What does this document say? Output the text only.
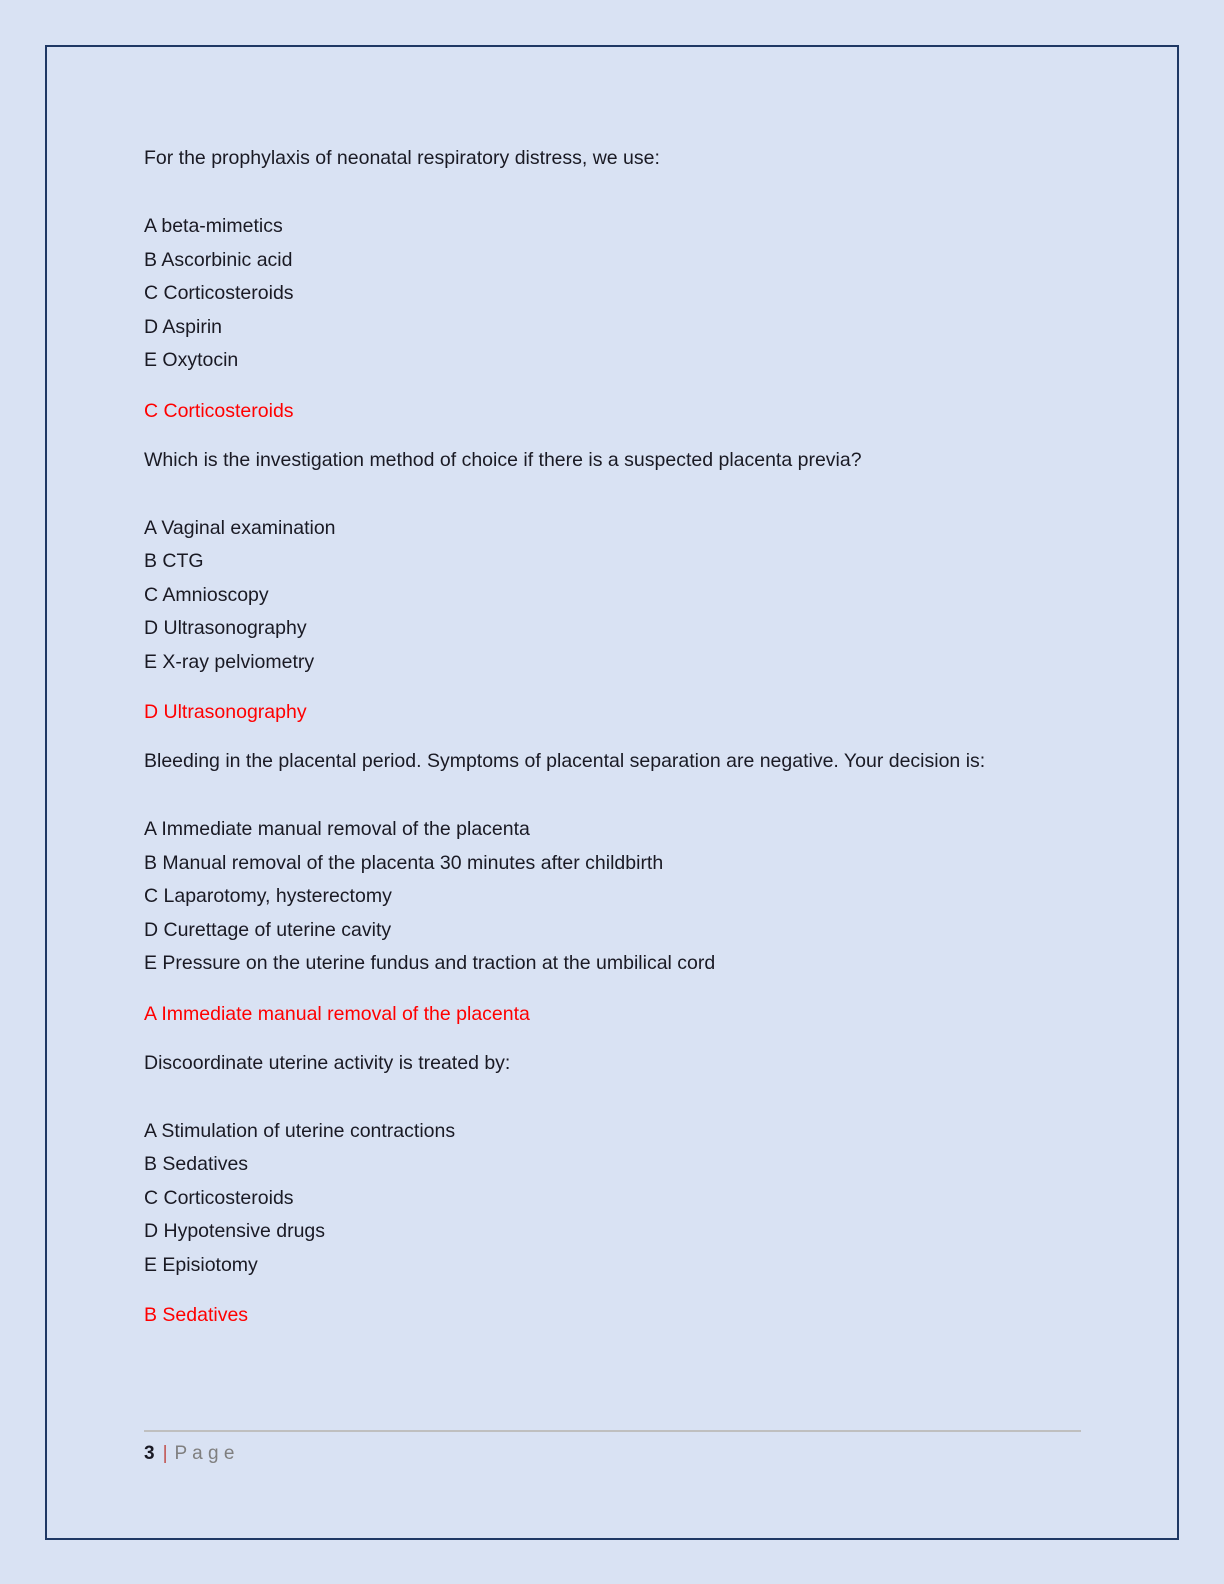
For the prophylaxis of neonatal respiratory distress, we use:

A beta-mimetics
B Ascorbinic acid
C Corticosteroids
D Aspirin
E Oxytocin

C Corticosteroids

Which is the investigation method of choice if there is a suspected placenta previa?

A Vaginal examination
B CTG
C Amnioscopy
D Ultrasonography
E X-ray pelviometry

D Ultrasonography

Bleeding in the placental period. Symptoms of placental separation are negative. Your decision is:

A Immediate manual removal of the placenta
B Manual removal of the placenta 30 minutes after childbirth
C Laparotomy, hysterectomy
D Curettage of uterine cavity
E Pressure on the uterine fundus and traction at the umbilical cord

A Immediate manual removal of the placenta

Discoordinate uterine activity is treated by:

A Stimulation of uterine contractions
B Sedatives
C Corticosteroids
D Hypotensive drugs
E Episiotomy

B Sedatives

3 | P a g e
